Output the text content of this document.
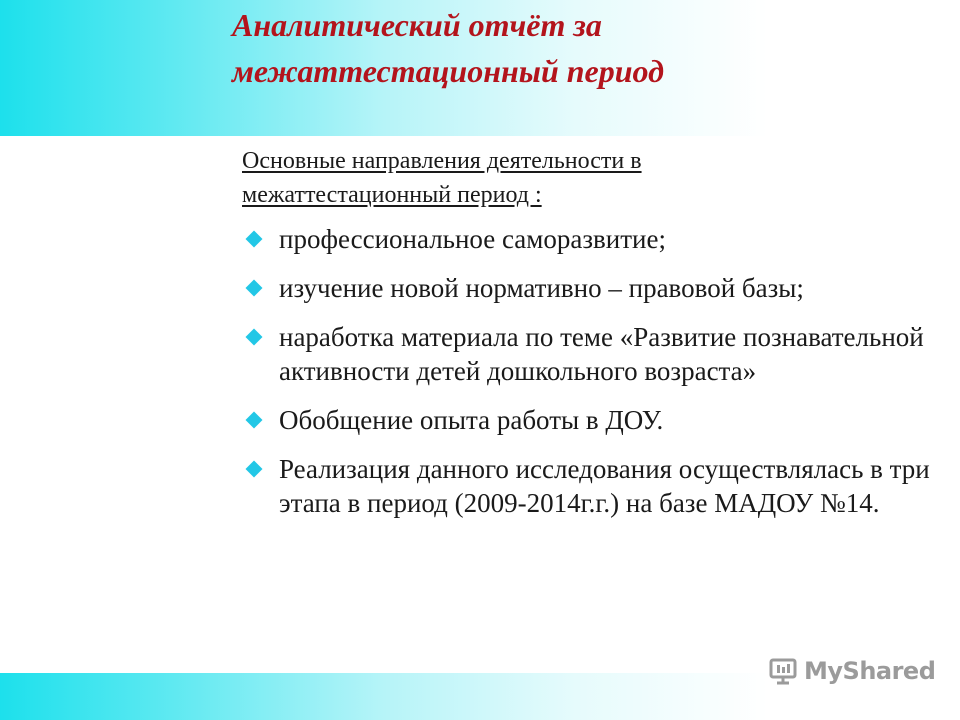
Аналитический отчёт за
межаттестационный период

Основные направления деятельности в
межаттестационный период :

профессиональное саморазвитие;
изучение новой нормативно – правовой базы;
наработка материала по теме «Развитие познавательной активности детей дошкольного возраста»
Обобщение опыта работы в ДОУ.
Реализация данного исследования осуществлялась в три этапа в период (2009-2014г.г.) на базе МАДОУ №14.
MyShared
